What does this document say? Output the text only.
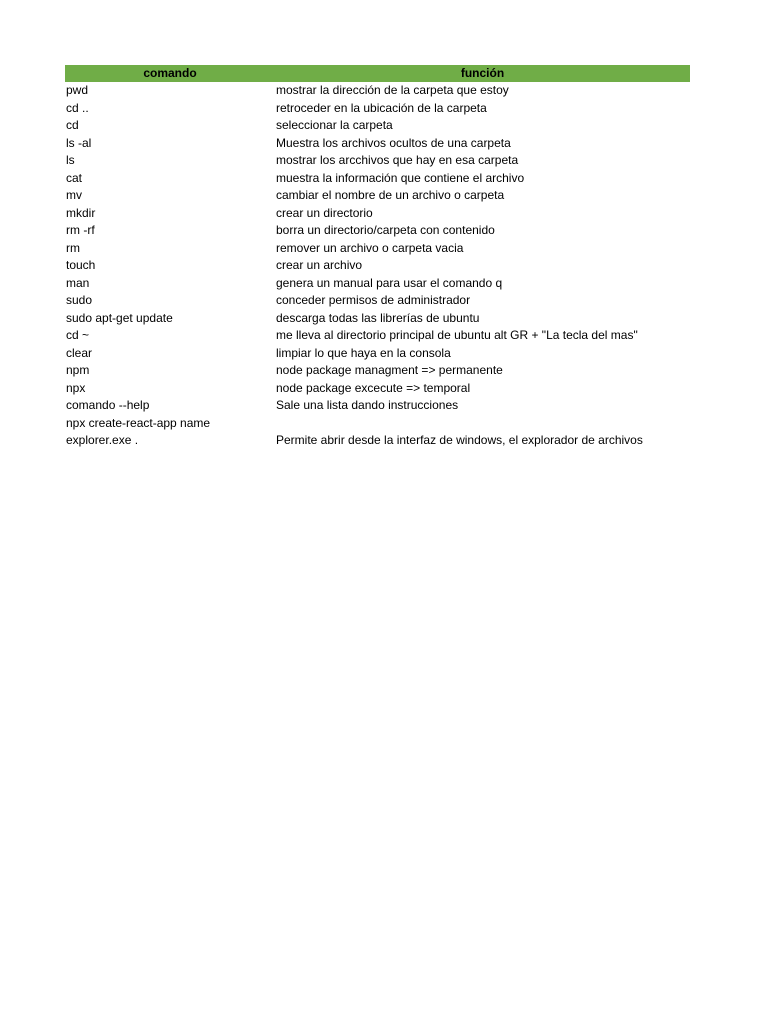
comando	función
pwd	mostrar la dirección de la carpeta que estoy
cd ..	retroceder en la ubicación de la carpeta
cd	seleccionar la carpeta
ls -al	Muestra los archivos ocultos de una carpeta
ls	mostrar los arcchivos que hay en esa carpeta
cat	muestra la información que contiene el archivo
mv	cambiar el nombre de un archivo o carpeta
mkdir	crear un directorio
rm -rf	borra un directorio/carpeta con contenido
rm	remover un archivo o carpeta vacia
touch	crear un archivo
man	genera un manual para usar el comando q
sudo	conceder permisos de administrador
sudo apt-get update	descarga todas las librerías de ubuntu
cd ~	me lleva al directorio principal de ubuntu alt GR + "La tecla del mas"
clear	limpiar lo que haya en la consola
npm	node package managment => permanente
npx	node package excecute => temporal
comando --help	Sale una lista dando instrucciones
npx create-react-app name
explorer.exe .	Permite abrir desde la interfaz de windows, el explorador de archivos
